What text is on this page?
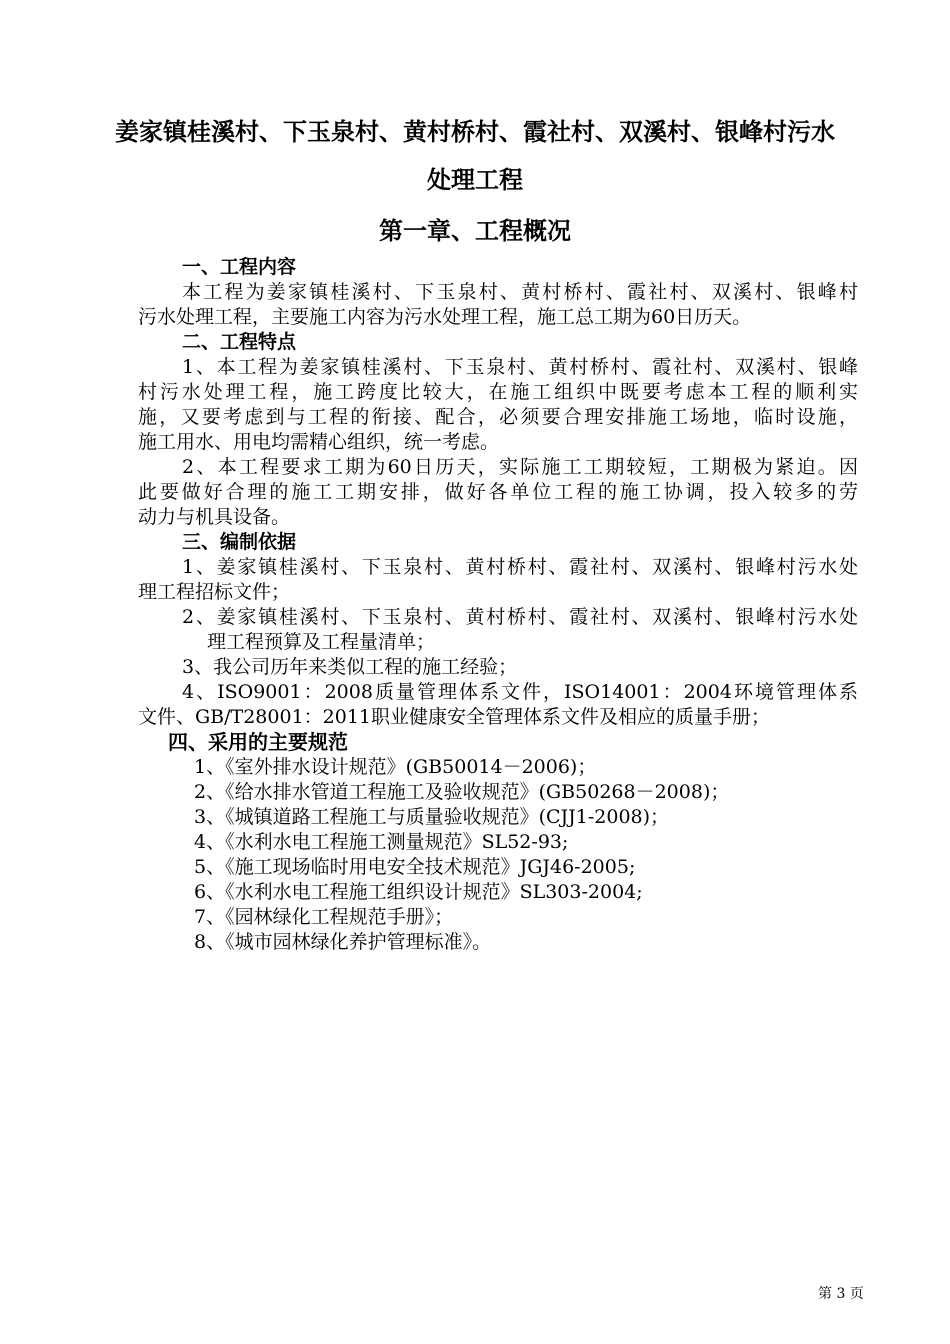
姜家镇桂溪村、下玉泉村、黄村桥村、霞社村、双溪村、银峰村污水
处理工程
第一章、工程概况
一、工程内容
本工程为姜家镇桂溪村、下玉泉村、黄村桥村、霞社村、双溪村、银峰村
污水处理工程，主要施工内容为污水处理工程，施工总工期为60日历天。
二、工程特点
1、本工程为姜家镇桂溪村、下玉泉村、黄村桥村、霞社村、双溪村、银峰
村污水处理工程，施工跨度比较大，在施工组织中既要考虑本工程的顺利实
施，又要考虑到与工程的衔接、配合，必须要合理安排施工场地，临时设施，
施工用水、用电均需精心组织，统一考虑。
2、本工程要求工期为60日历天，实际施工工期较短，工期极为紧迫。因
此要做好合理的施工工期安排，做好各单位工程的施工协调，投入较多的劳
动力与机具设备。
三、编制依据
1、姜家镇桂溪村、下玉泉村、黄村桥村、霞社村、双溪村、银峰村污水处
理工程招标文件；
2、姜家镇桂溪村、下玉泉村、黄村桥村、霞社村、双溪村、银峰村污水处
理工程预算及工程量清单；
3、我公司历年来类似工程的施工经验；
4、ISO9001：2008质量管理体系文件，ISO14001：2004环境管理体系
文件、GB/T28001：2011职业健康安全管理体系文件及相应的质量手册；
四、采用的主要规范
1、《室外排水设计规范》(GB50014－2006)；
2、《给水排水管道工程施工及验收规范》(GB50268－2008)；
3、《城镇道路工程施工与质量验收规范》(CJJ1-2008)；
4、《水利水电工程施工测量规范》SL52-93;
5、《施工现场临时用电安全技术规范》JGJ46-2005;
6、《水利水电工程施工组织设计规范》SL303-2004;
7、《园林绿化工程规范手册》；
8、《城市园林绿化养护管理标准》。
第 3 页
